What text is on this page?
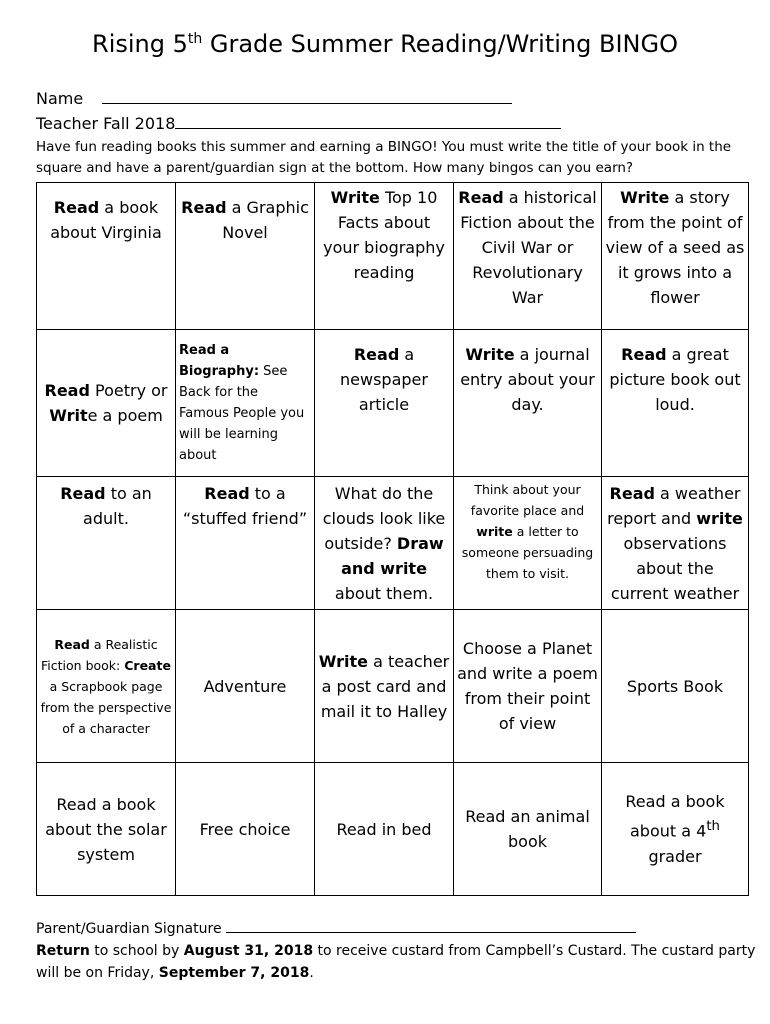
Rising 5th Grade Summer Reading/Writing BINGO
Name
Teacher Fall 2018
Have fun reading books this summer and earning a BINGO! You must write the title of your book in the square and have a parent/guardian sign at the bottom. How many bingos can you earn?
Read a book about Virginia	Read a Graphic Novel	Write Top 10 Facts about your biography reading	Read a historical Fiction about the Civil War or Revolutionary War	Write a story from the point of view of a seed as it grows into a flower
Read Poetry or Write a poem	Read a Biography: See Back for the Famous People you will be learning about	Read a newspaper article	Write a journal entry about your day.	Read a great picture book out loud.
Read to an adult.	Read to a “stuffed friend”	What do the clouds look like outside? Draw and write about them.	Think about your favorite place and write a letter to someone persuading them to visit.	Read a weather report and write observations about the current weather
Read a Realistic Fiction book: Create a Scrapbook page from the perspective of a character	Adventure	Write a teacher a post card and mail it to Halley	Choose a Planet and write a poem from their point of view	Sports Book
Read a book about the solar system	Free choice	Read in bed	Read an animal book	Read a book about a 4th grader
Parent/Guardian Signature
Return to school by August 31, 2018 to receive custard from Campbell’s Custard. The custard party will be on Friday, September 7, 2018.
